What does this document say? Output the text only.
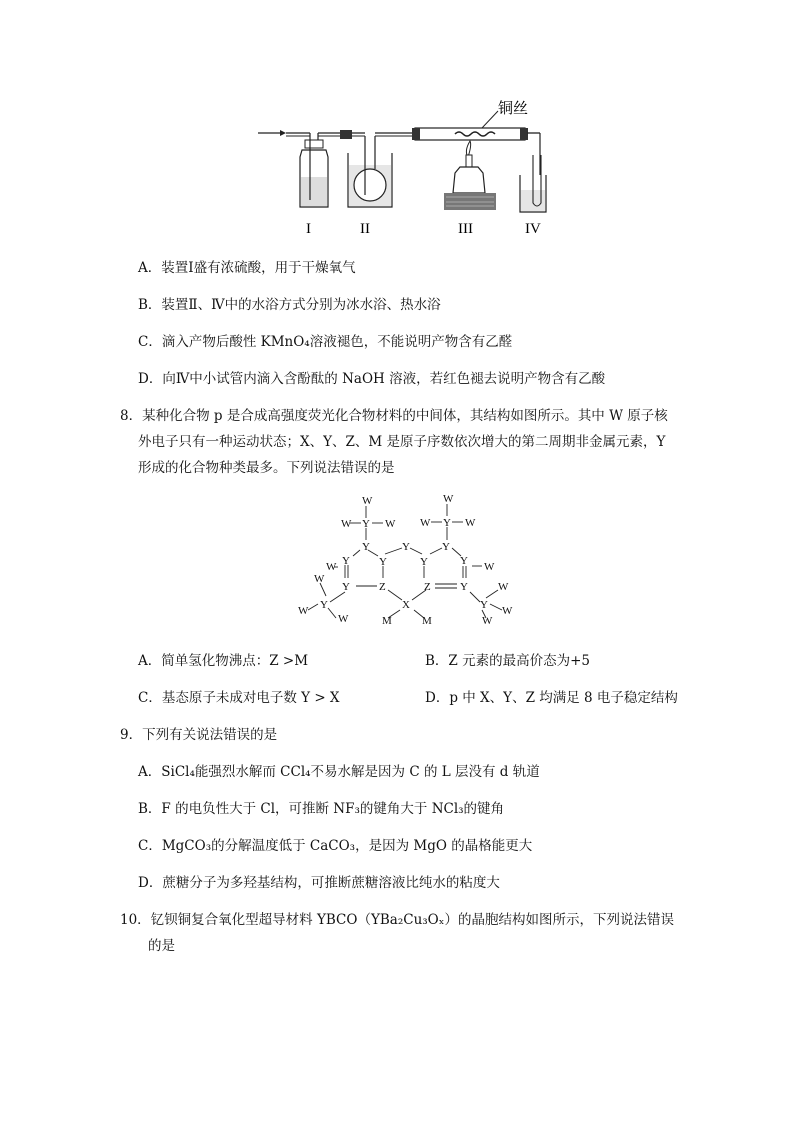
铜丝
I	II	III	IV
A．装置Ⅰ盛有浓硫酸，用于干燥氧气
B．装置Ⅱ、Ⅳ中的水浴方式分别为冰水浴、热水浴
C．滴入产物后酸性 KMnO₄溶液褪色，不能说明产物含有乙醛
D．向Ⅳ中小试管内滴入含酚酞的 NaOH 溶液，若红色褪去说明产物含有乙酸
8．某种化合物 p 是合成高强度荧光化合物材料的中间体，其结构如图所示。其中 W 原子核
外电子只有一种运动状态；X、Y、Z、M 是原子序数依次增大的第二周期非金属元素，Y
形成的化合物种类最多。下列说法错误的是
W
W Y W
W
W Y W
Y	Y	Y
Y
W	Y	Y	Y W
W
Y	Z	Z	Y	W
Y	X	Y
W	W
W	M	M	W
A．简单氢化物沸点：Z >M	B．Z 元素的最高价态为+5
C．基态原子未成对电子数 Y > X	D．p 中 X、Y、Z 均满足 8 电子稳定结构
9．下列有关说法错误的是
A．SiCl₄能强烈水解而 CCl₄不易水解是因为 C 的 L 层没有 d 轨道
B．F 的电负性大于 Cl，可推断 NF₃的键角大于 NCl₃的键角
C．MgCO₃的分解温度低于 CaCO₃，是因为 MgO 的晶格能更大
D．蔗糖分子为多羟基结构，可推断蔗糖溶液比纯水的粘度大
10．钇钡铜复合氧化型超导材料 YBCO（YBa₂Cu₃Oₓ）的晶胞结构如图所示，下列说法错误
的是
